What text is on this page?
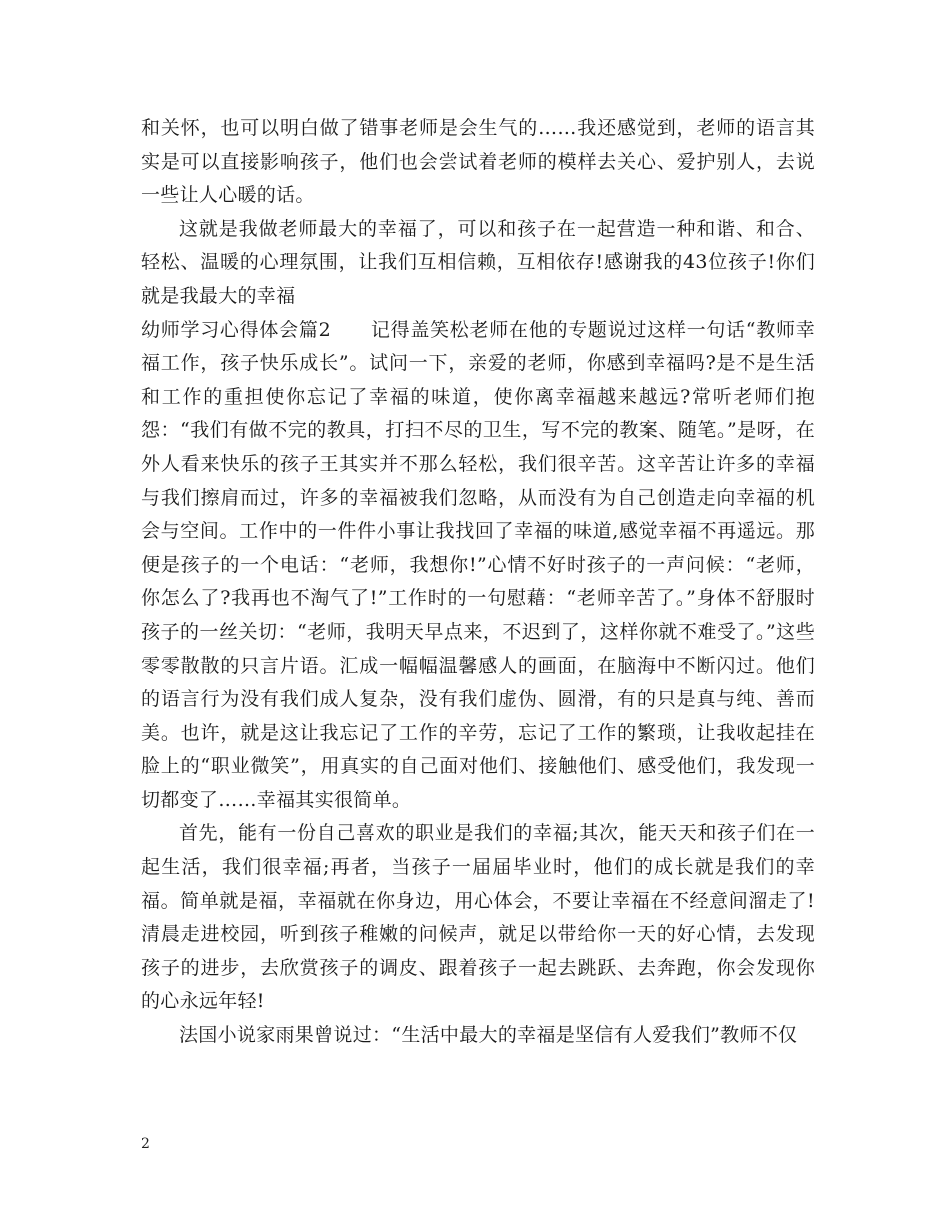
和关怀，也可以明白做了错事老师是会生气的……我还感觉到，老师的语言其实是可以直接影响孩子，他们也会尝试着老师的模样去关心、爱护别人，去说一些让人心暖的话。

这就是我做老师最大的幸福了，可以和孩子在一起营造一种和谐、和合、轻松、温暖的心理氛围，让我们互相信赖，互相依存!感谢我的43位孩子!你们就是我最大的幸福

幼师学习心得体会篇2　　记得盖笑松老师在他的专题说过这样一句话“教师幸福工作，孩子快乐成长”。试问一下，亲爱的老师，你感到幸福吗?是不是生活和工作的重担使你忘记了幸福的味道，使你离幸福越来越远?常听老师们抱怨：“我们有做不完的教具，打扫不尽的卫生，写不完的教案、随笔。”是呀，在外人看来快乐的孩子王其实并不那么轻松，我们很辛苦。这辛苦让许多的幸福与我们擦肩而过，许多的幸福被我们忽略，从而没有为自己创造走向幸福的机会与空间。工作中的一件件小事让我找回了幸福的味道,感觉幸福不再遥远。那便是孩子的一个电话：“老师，我想你!”心情不好时孩子的一声问候：“老师，你怎么了?我再也不淘气了!”工作时的一句慰藉：“老师辛苦了。”身体不舒服时孩子的一丝关切：“老师，我明天早点来，不迟到了，这样你就不难受了。”这些零零散散的只言片语。汇成一幅幅温馨感人的画面，在脑海中不断闪过。他们的语言行为没有我们成人复杂，没有我们虚伪、圆滑，有的只是真与纯、善而美。也许，就是这让我忘记了工作的辛劳，忘记了工作的繁琐，让我收起挂在脸上的“职业微笑”，用真实的自己面对他们、接触他们、感受他们，我发现一切都变了……幸福其实很简单。

首先，能有一份自己喜欢的职业是我们的幸福;其次，能天天和孩子们在一起生活，我们很幸福;再者，当孩子一届届毕业时，他们的成长就是我们的幸福。简单就是福，幸福就在你身边，用心体会，不要让幸福在不经意间溜走了!清晨走进校园，听到孩子稚嫩的问候声，就足以带给你一天的好心情，去发现孩子的进步，去欣赏孩子的调皮、跟着孩子一起去跳跃、去奔跑，你会发现你的心永远年轻!

法国小说家雨果曾说过：“生活中最大的幸福是坚信有人爱我们”教师不仅

2
